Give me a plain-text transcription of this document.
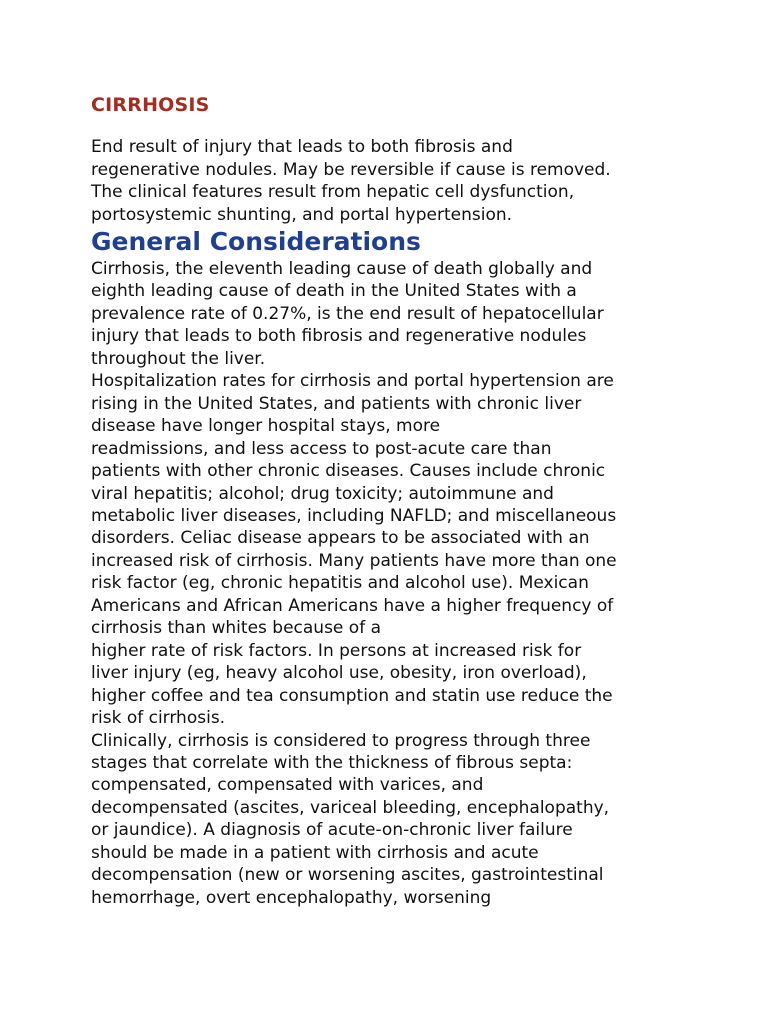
CIRRHOSIS

End result of injury that leads to both fibrosis and
regenerative nodules. May be reversible if cause is removed.
The clinical features result from hepatic cell dysfunction,
portosystemic shunting, and portal hypertension.

General Considerations

Cirrhosis, the eleventh leading cause of death globally and
eighth leading cause of death in the United States with a
prevalence rate of 0.27%, is the end result of hepatocellular
injury that leads to both fibrosis and regenerative nodules
throughout the liver.

Hospitalization rates for cirrhosis and portal hypertension are
rising in the United States, and patients with chronic liver
disease have longer hospital stays, more
readmissions, and less access to post-acute care than
patients with other chronic diseases. Causes include chronic
viral hepatitis; alcohol; drug toxicity; autoimmune and
metabolic liver diseases, including NAFLD; and miscellaneous
disorders. Celiac disease appears to be associated with an
increased risk of cirrhosis. Many patients have more than one
risk factor (eg, chronic hepatitis and alcohol use). Mexican
Americans and African Americans have a higher frequency of
cirrhosis than whites because of a
higher rate of risk factors. In persons at increased risk for
liver injury (eg, heavy alcohol use, obesity, iron overload),
higher coffee and tea consumption and statin use reduce the
risk of cirrhosis.

Clinically, cirrhosis is considered to progress through three
stages that correlate with the thickness of fibrous septa:
compensated, compensated with varices, and
decompensated (ascites, variceal bleeding, encephalopathy,
or jaundice). A diagnosis of acute-on-chronic liver failure
should be made in a patient with cirrhosis and acute
decompensation (new or worsening ascites, gastrointestinal
hemorrhage, overt encephalopathy, worsening
